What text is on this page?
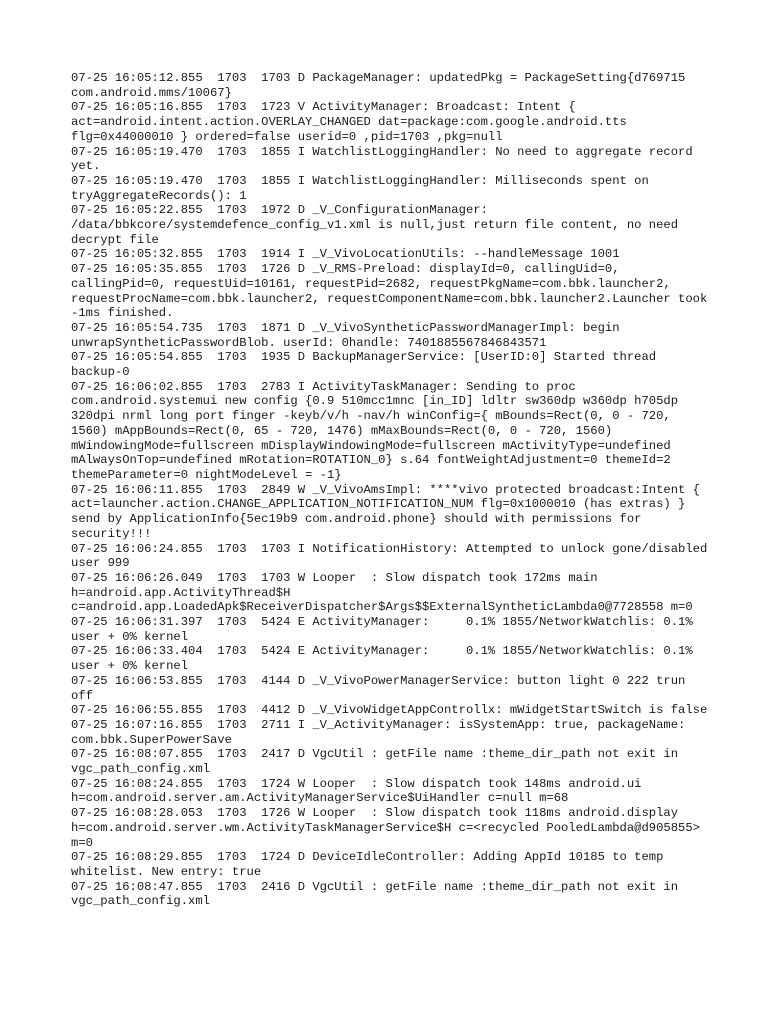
07-25 16:05:12.855  1703  1703 D PackageManager: updatedPkg = PackageSetting{d769715 com.android.mms/10067}
07-25 16:05:16.855  1703  1723 V ActivityManager: Broadcast: Intent { act=android.intent.action.OVERLAY_CHANGED dat=package:com.google.android.tts flg=0x44000010 } ordered=false userid=0 ,pid=1703 ,pkg=null
07-25 16:05:19.470  1703  1855 I WatchlistLoggingHandler: No need to aggregate record yet.
07-25 16:05:19.470  1703  1855 I WatchlistLoggingHandler: Milliseconds spent on tryAggregateRecords(): 1
07-25 16:05:22.855  1703  1972 D _V_ConfigurationManager: /data/bbkcore/systemdefence_config_v1.xml is null,just return file content, no need decrypt file
07-25 16:05:32.855  1703  1914 I _V_VivoLocationUtils: --handleMessage 1001
07-25 16:05:35.855  1703  1726 D _V_RMS-Preload: displayId=0, callingUid=0, callingPid=0, requestUid=10161, requestPid=2682, requestPkgName=com.bbk.launcher2, requestProcName=com.bbk.launcher2, requestComponentName=com.bbk.launcher2.Launcher took -1ms finished.
07-25 16:05:54.735  1703  1871 D _V_VivoSyntheticPasswordManagerImpl: begin unwrapSyntheticPasswordBlob. userId: 0handle: 7401885567846843571
07-25 16:05:54.855  1703  1935 D BackupManagerService: [UserID:0] Started thread backup-0
07-25 16:06:02.855  1703  2783 I ActivityTaskManager: Sending to proc com.android.systemui new config {0.9 510mcc1mnc [in_ID] ldltr sw360dp w360dp h705dp 320dpi nrml long port finger -keyb/v/h -nav/h winConfig={ mBounds=Rect(0, 0 - 720, 1560) mAppBounds=Rect(0, 65 - 720, 1476) mMaxBounds=Rect(0, 0 - 720, 1560) mWindowingMode=fullscreen mDisplayWindowingMode=fullscreen mActivityType=undefined mAlwaysOnTop=undefined mRotation=ROTATION_0} s.64 fontWeightAdjustment=0 themeId=2 themeParameter=0 nightModeLevel = -1}
07-25 16:06:11.855  1703  2849 W _V_VivoAmsImpl: ****vivo protected broadcast:Intent { act=launcher.action.CHANGE_APPLICATION_NOTIFICATION_NUM flg=0x1000010 (has extras) } send by ApplicationInfo{5ec19b9 com.android.phone} should with permissions for security!!!
07-25 16:06:24.855  1703  1703 I NotificationHistory: Attempted to unlock gone/disabled user 999
07-25 16:06:26.049  1703  1703 W Looper  : Slow dispatch took 172ms main h=android.app.ActivityThread$H c=android.app.LoadedApk$ReceiverDispatcher$Args$$ExternalSyntheticLambda0@7728558 m=0
07-25 16:06:31.397  1703  5424 E ActivityManager:     0.1% 1855/NetworkWatchlis: 0.1% user + 0% kernel
07-25 16:06:33.404  1703  5424 E ActivityManager:     0.1% 1855/NetworkWatchlis: 0.1% user + 0% kernel
07-25 16:06:53.855  1703  4144 D _V_VivoPowerManagerService: button light 0 222 trun off
07-25 16:06:55.855  1703  4412 D _V_VivoWidgetAppControllx: mWidgetStartSwitch is false
07-25 16:07:16.855  1703  2711 I _V_ActivityManager: isSystemApp: true, packageName: com.bbk.SuperPowerSave
07-25 16:08:07.855  1703  2417 D VgcUtil : getFile name :theme_dir_path not exit in vgc_path_config.xml
07-25 16:08:24.855  1703  1724 W Looper  : Slow dispatch took 148ms android.ui h=com.android.server.am.ActivityManagerService$UiHandler c=null m=68
07-25 16:08:28.053  1703  1726 W Looper  : Slow dispatch took 118ms android.display h=com.android.server.wm.ActivityTaskManagerService$H c=<recycled PooledLambda@d905855> m=0
07-25 16:08:29.855  1703  1724 D DeviceIdleController: Adding AppId 10185 to temp whitelist. New entry: true
07-25 16:08:47.855  1703  2416 D VgcUtil : getFile name :theme_dir_path not exit in vgc_path_config.xml
